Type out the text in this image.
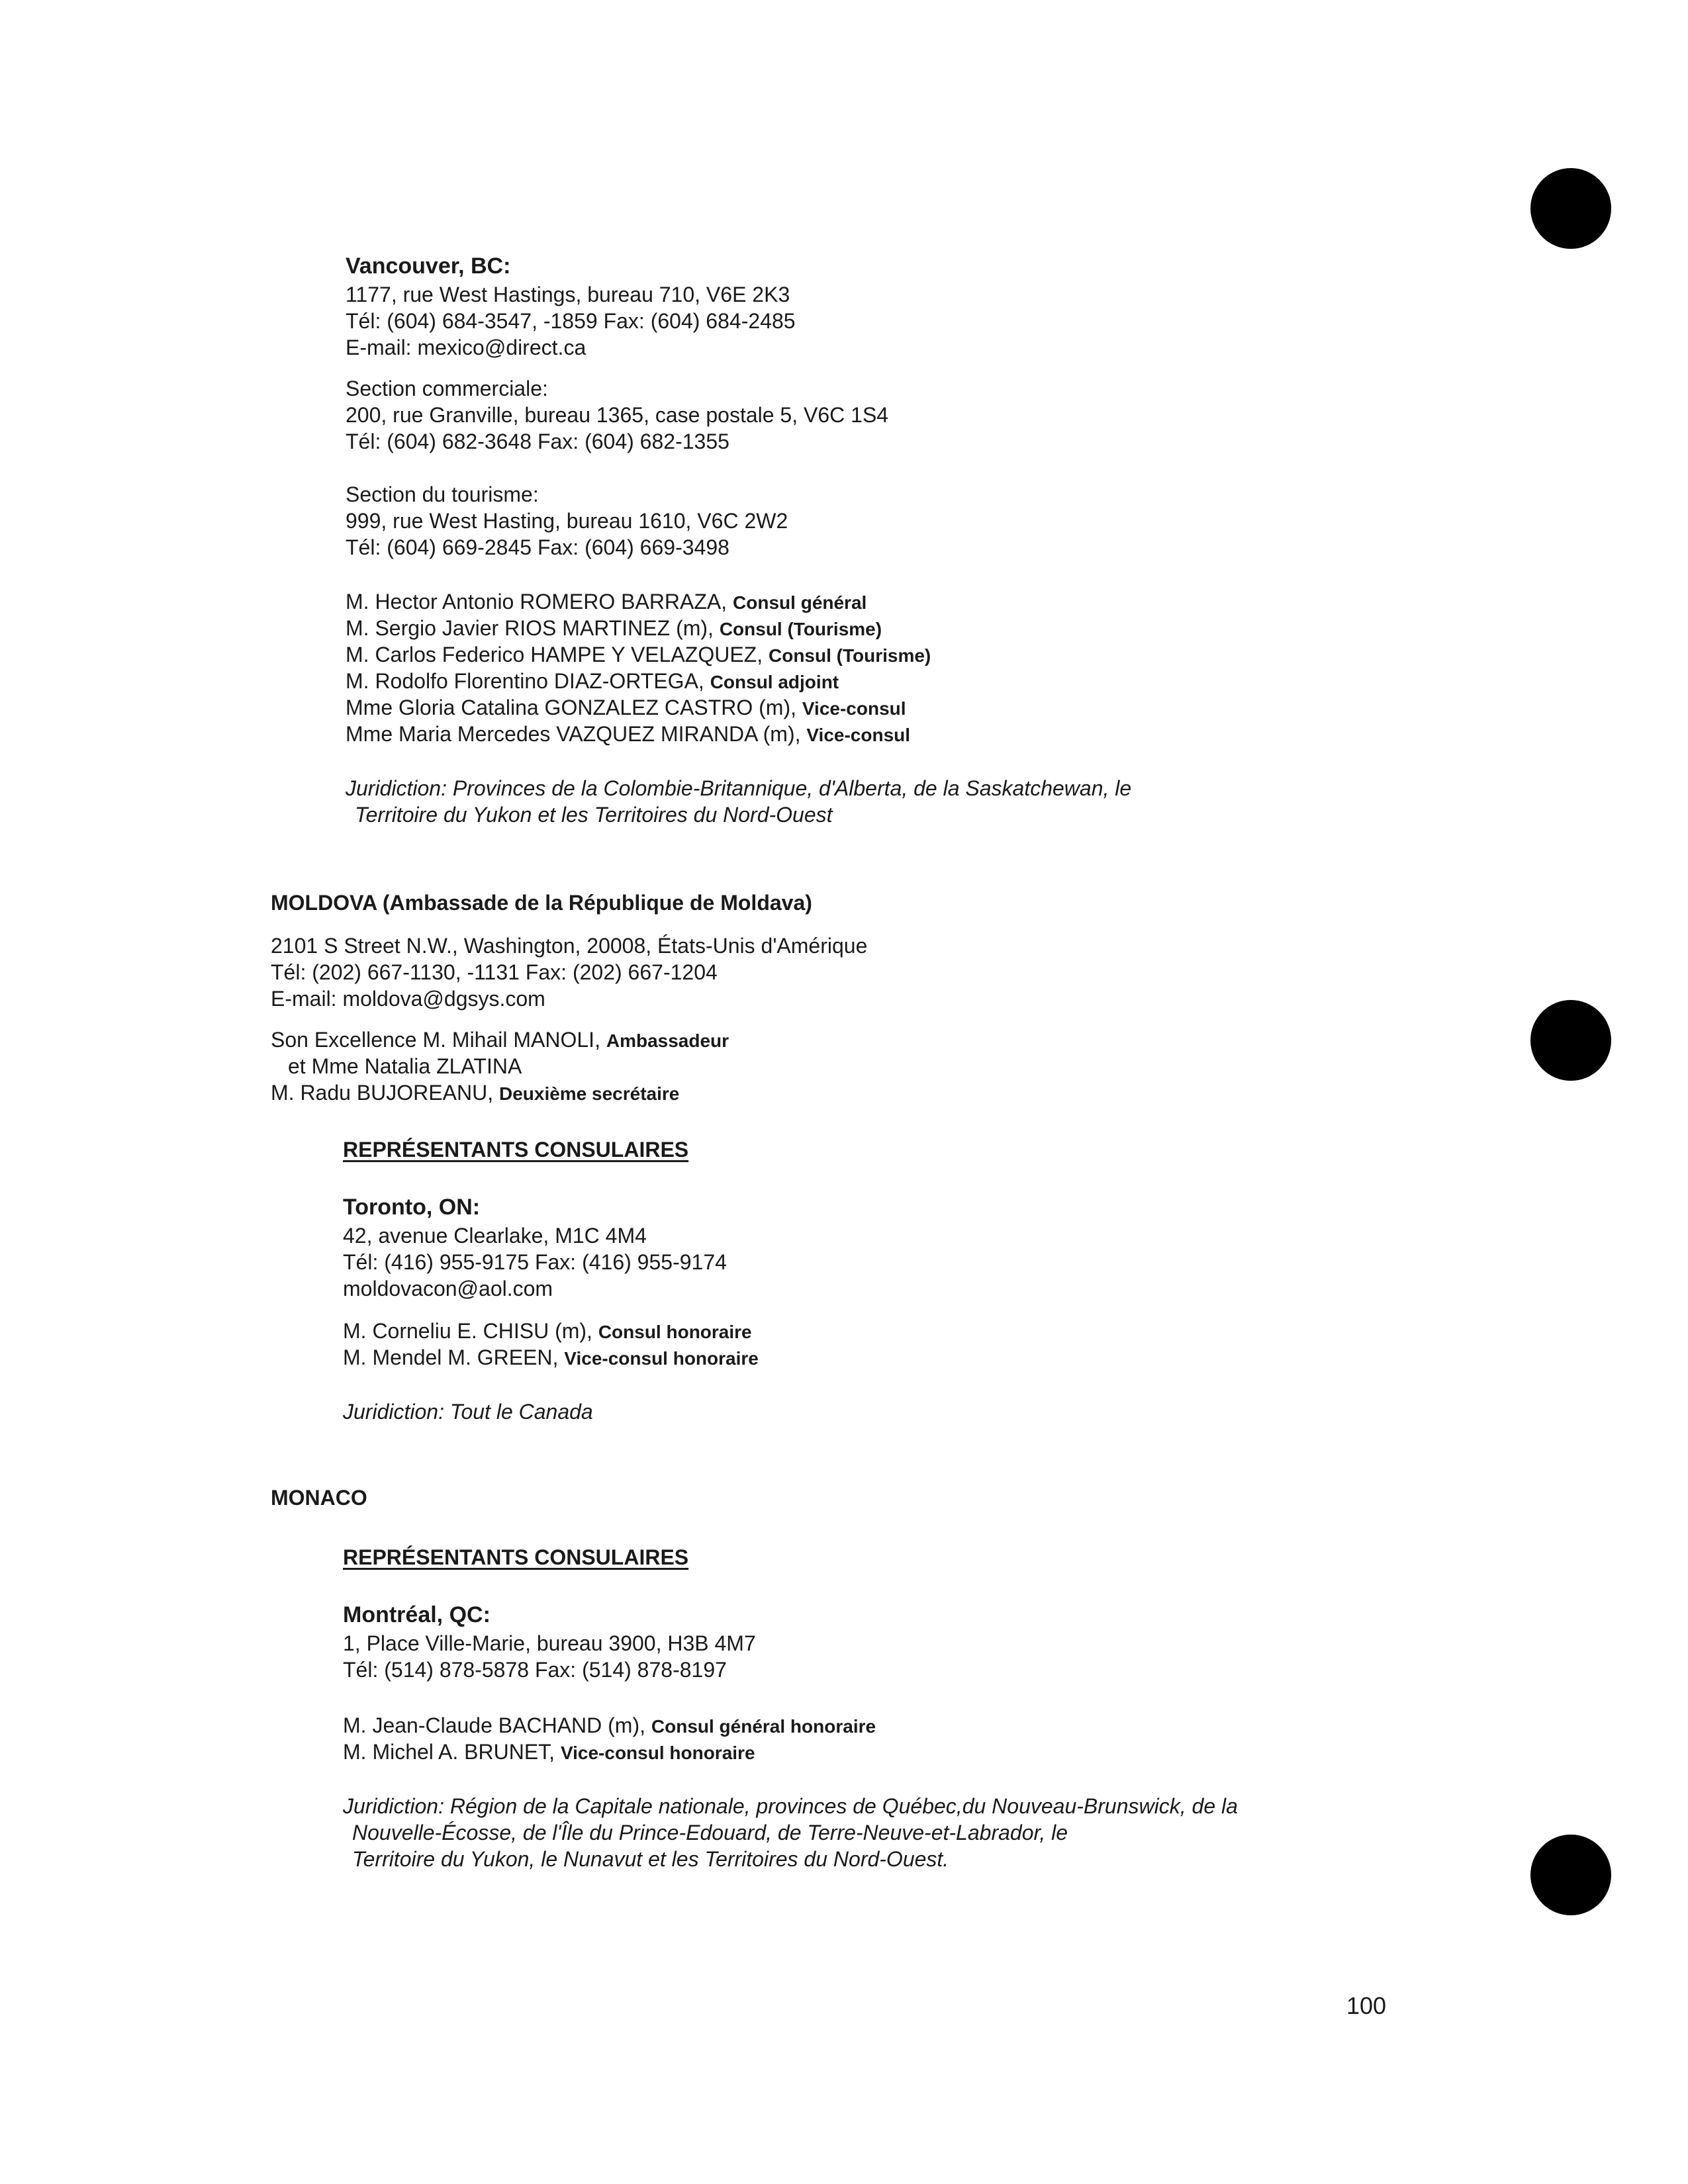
Vancouver, BC:
1177, rue West Hastings, bureau 710, V6E 2K3
Tél: (604) 684-3547, -1859 Fax: (604) 684-2485
E-mail: mexico@direct.ca
Section commerciale:
200, rue Granville, bureau 1365, case postale 5, V6C 1S4
Tél: (604) 682-3648 Fax: (604) 682-1355
Section du tourisme:
999, rue West Hasting, bureau 1610, V6C 2W2
Tél: (604) 669-2845 Fax: (604) 669-3498
M. Hector Antonio ROMERO BARRAZA, Consul général
M. Sergio Javier RIOS MARTINEZ (m), Consul (Tourisme)
M. Carlos Federico HAMPE Y VELAZQUEZ, Consul (Tourisme)
M. Rodolfo Florentino DIAZ-ORTEGA, Consul adjoint
Mme Gloria Catalina GONZALEZ CASTRO (m), Vice-consul
Mme Maria Mercedes VAZQUEZ MIRANDA (m), Vice-consul
Juridiction: Provinces de la Colombie-Britannique, d'Alberta, de la Saskatchewan, le
Territoire du Yukon et les Territoires du Nord-Ouest
MOLDOVA (Ambassade de la République de Moldava)
2101 S Street N.W., Washington, 20008, États-Unis d'Amérique
Tél: (202) 667-1130, -1131 Fax: (202) 667-1204
E-mail: moldova@dgsys.com
Son Excellence M. Mihail MANOLI, Ambassadeur
et Mme Natalia ZLATINA
M. Radu BUJOREANU, Deuxième secrétaire
REPRÉSENTANTS CONSULAIRES
Toronto, ON:
42, avenue Clearlake, M1C 4M4
Tél: (416) 955-9175 Fax: (416) 955-9174
moldovacon@aol.com
M. Corneliu E. CHISU (m), Consul honoraire
M. Mendel M. GREEN, Vice-consul honoraire
Juridiction: Tout le Canada
MONACO
REPRÉSENTANTS CONSULAIRES
Montréal, QC:
1, Place Ville-Marie, bureau 3900, H3B 4M7
Tél: (514) 878-5878 Fax: (514) 878-8197
M. Jean-Claude BACHAND (m), Consul général honoraire
M. Michel A. BRUNET, Vice-consul honoraire
Juridiction: Région de la Capitale nationale, provinces de Québec,du Nouveau-Brunswick, de la
Nouvelle-Écosse, de l'Île du Prince-Edouard, de Terre-Neuve-et-Labrador, le
Territoire du Yukon, le Nunavut et les Territoires du Nord-Ouest.
100
